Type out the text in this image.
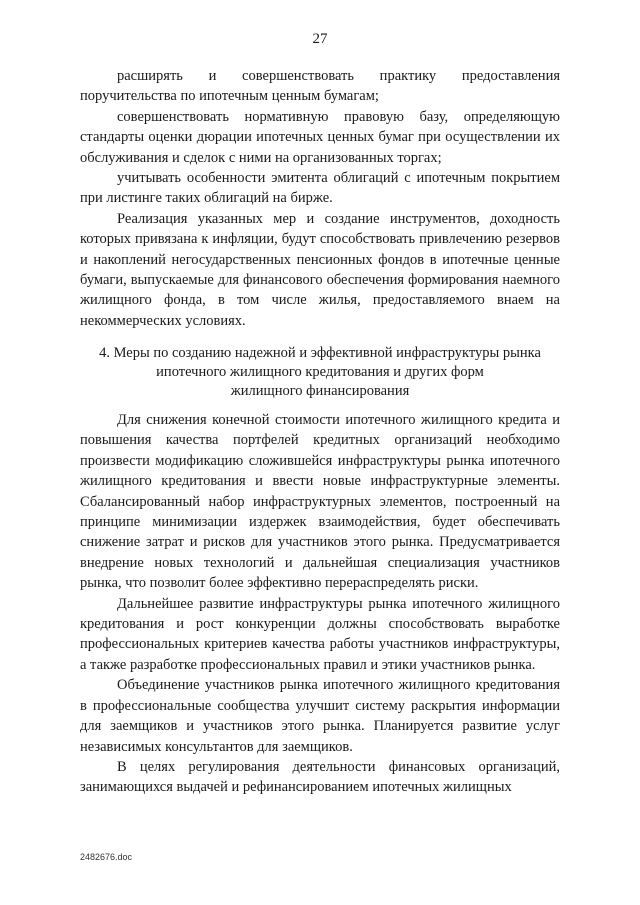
27

расширять и совершенствовать практику предоставления поручительства по ипотечным ценным бумагам;

совершенствовать нормативную правовую базу, определяющую стандарты оценки дюрации ипотечных ценных бумаг при осуществлении их обслуживания и сделок с ними на организованных торгах;

учитывать особенности эмитента облигаций с ипотечным покрытием при листинге таких облигаций на бирже.

Реализация указанных мер и создание инструментов, доходность которых привязана к инфляции, будут способствовать привлечению резервов и накоплений негосударственных пенсионных фондов в ипотечные ценные бумаги, выпускаемые для финансового обеспечения формирования наемного жилищного фонда, в том числе жилья, предоставляемого внаем на некоммерческих условиях.

4. Меры по созданию надежной и эффективной инфраструктуры рынка
ипотечного жилищного кредитования и других форм
жилищного финансирования

Для снижения конечной стоимости ипотечного жилищного кредита и повышения качества портфелей кредитных организаций необходимо произвести модификацию сложившейся инфраструктуры рынка ипотечного жилищного кредитования и ввести новые инфраструктурные элементы. Сбалансированный набор инфраструктурных элементов, построенный на принципе минимизации издержек взаимодействия, будет обеспечивать снижение затрат и рисков для участников этого рынка. Предусматривается внедрение новых технологий и дальнейшая специализация участников рынка, что позволит более эффективно перераспределять риски.

Дальнейшее развитие инфраструктуры рынка ипотечного жилищного кредитования и рост конкуренции должны способствовать выработке профессиональных критериев качества работы участников инфраструктуры, а также разработке профессиональных правил и этики участников рынка.

Объединение участников рынка ипотечного жилищного кредитования в профессиональные сообщества улучшит систему раскрытия информации для заемщиков и участников этого рынка. Планируется развитие услуг независимых консультантов для заемщиков.

В целях регулирования деятельности финансовых организаций, занимающихся выдачей и рефинансированием ипотечных жилищных

2482676.doc
